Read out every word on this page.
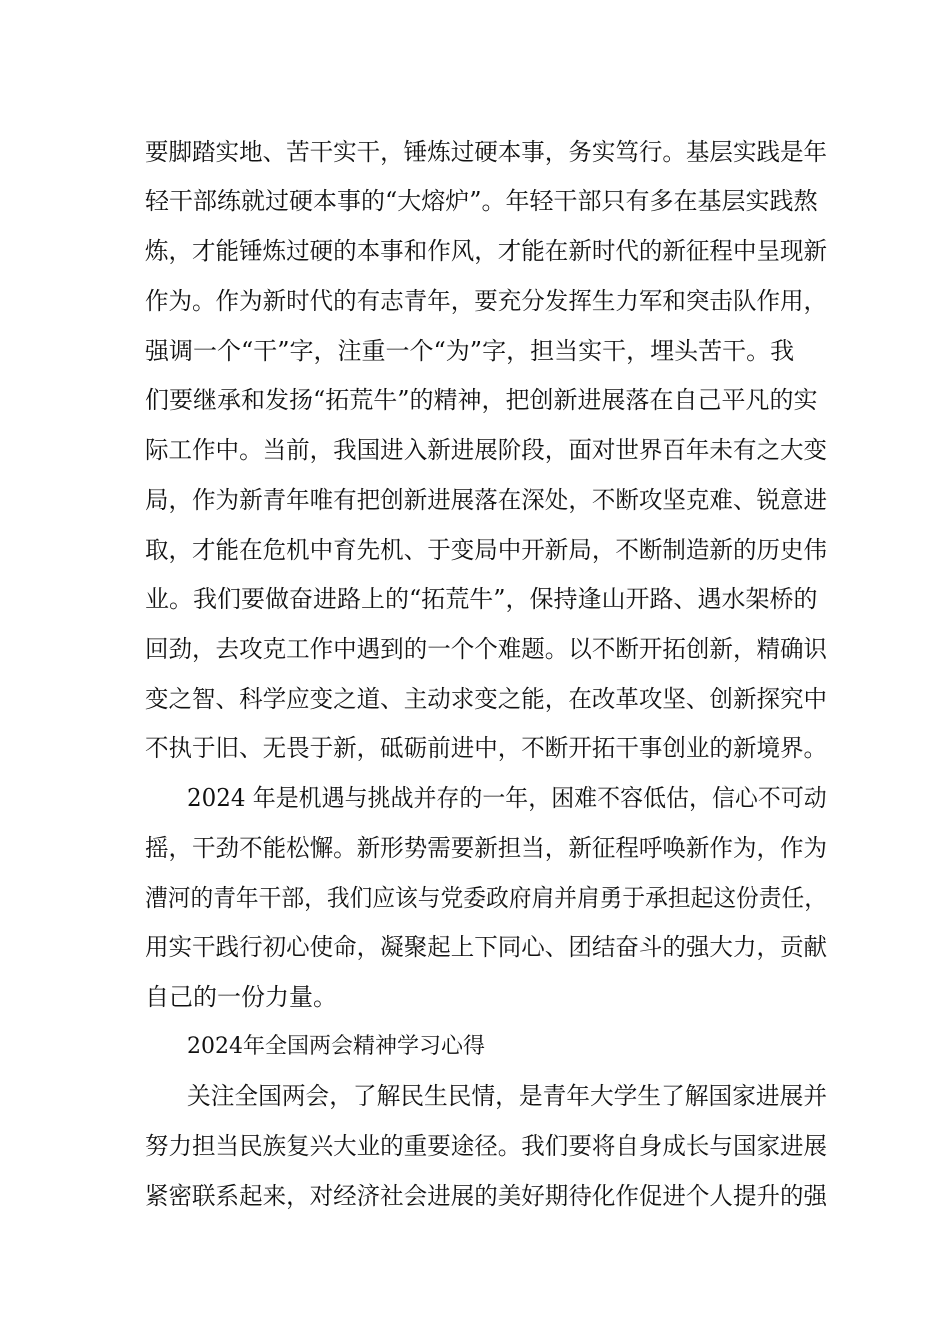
要脚踏实地、苦干实干，锤炼过硬本事，务实笃行。基层实践是年
轻干部练就过硬本事的“大熔炉”。年轻干部只有多在基层实践熬
炼，才能锤炼过硬的本事和作风，才能在新时代的新征程中呈现新
作为。作为新时代的有志青年，要充分发挥生力军和突击队作用，
强调一个“干”字，注重一个“为”字，担当实干，埋头苦干。我
们要继承和发扬“拓荒牛”的精神，把创新进展落在自己平凡的实
际工作中。当前，我国进入新进展阶段，面对世界百年未有之大变
局，作为新青年唯有把创新进展落在深处，不断攻坚克难、锐意进
取，才能在危机中育先机、于变局中开新局，不断制造新的历史伟
业。我们要做奋进路上的“拓荒牛”，保持逢山开路、遇水架桥的
回劲，去攻克工作中遇到的一个个难题。以不断开拓创新，精确识
变之智、科学应变之道、主动求变之能，在改革攻坚、创新探究中
不执于旧、无畏于新，砥砺前进中，不断开拓干事创业的新境界。
2024 年是机遇与挑战并存的一年，困难不容低估，信心不可动
摇，干劲不能松懈。新形势需要新担当，新征程呼唤新作为，作为
漕河的青年干部，我们应该与党委政府肩并肩勇于承担起这份责任，
用实干践行初心使命，凝聚起上下同心、团结奋斗的强大力，贡献
自己的一份力量。
2024年全国两会精神学习心得
关注全国两会，了解民生民情，是青年大学生了解国家进展并
努力担当民族复兴大业的重要途径。我们要将自身成长与国家进展
紧密联系起来，对经济社会进展的美好期待化作促进个人提升的强
